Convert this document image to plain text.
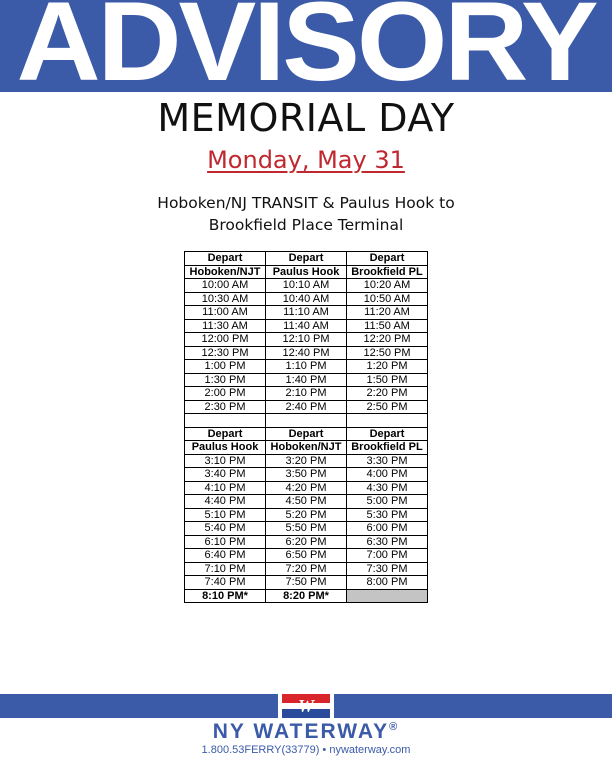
ADVISORY
MEMORIAL DAY
Monday, May 31
Hoboken/NJ TRANSIT & Paulus Hook to
Brookfield Place Terminal
Depart	Depart	Depart
Hoboken/NJT	Paulus Hook	Brookfield PL
10:00 AM	10:10 AM	10:20 AM
10:30 AM	10:40 AM	10:50 AM
11:00 AM	11:10 AM	11:20 AM
11:30 AM	11:40 AM	11:50 AM
12:00 PM	12:10 PM	12:20 PM
12:30 PM	12:40 PM	12:50 PM
1:00 PM	1:10 PM	1:20 PM
1:30 PM	1:40 PM	1:50 PM
2:00 PM	2:10 PM	2:20 PM
2:30 PM	2:40 PM	2:50 PM

Depart	Depart	Depart
Paulus Hook	Hoboken/NJT	Brookfield PL
3:10 PM	3:20 PM	3:30 PM
3:40 PM	3:50 PM	4:00 PM
4:10 PM	4:20 PM	4:30 PM
4:40 PM	4:50 PM	5:00 PM
5:10 PM	5:20 PM	5:30 PM
5:40 PM	5:50 PM	6:00 PM
6:10 PM	6:20 PM	6:30 PM
6:40 PM	6:50 PM	7:00 PM
7:10 PM	7:20 PM	7:30 PM
7:40 PM	7:50 PM	8:00 PM
8:10 PM*	8:20 PM*	
W
NY WATERWAY®
1.800.53FERRY(33779) • nywaterway.com
